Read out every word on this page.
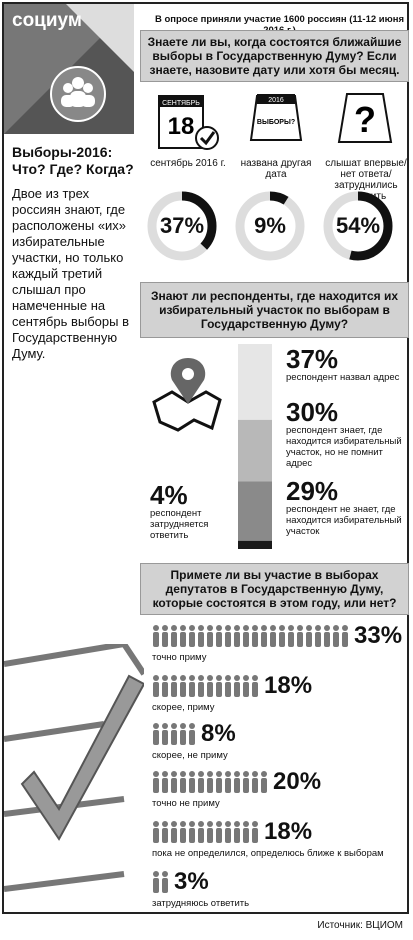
социум
Выборы-2016: Что? Где? Когда?
Двое из трех россиян знают, где расположены «их» избирательные участки, но только каждый третий слышал про намеченные на сентябрь выборы в Государственную Думу.
В опросе приняли участие 1600 россиян (11-12 июня
Знаете ли вы, когда состоятся ближайшие выборы в Государственную Думу? Если знаете, назовите дату или хотя бы месяц.
СЕНТЯБРЬ
18
сентябрь 2016 г.
2016
ВЫБОРЫ?
названа другая дата
?
слышат впервые/нет ответа/затруднились ответить
37%	9%	54%
Знают ли респонденты, где находится их избирательный участок по выборам в Государственную Думу?
37%
респондент назвал адрес
30%
респондент знает, где находится избирательный участок, но не помнит адрес
29%
респондент не знает, где находится избирательный участок
4%
респондент затрудняется ответить
Примете ли вы участие в выборах депутатов в Государственную Думу, которые состоятся в этом году, или нет?
33%
точно приму
18%
скорее, приму
8%
скорее, не приму
20%
точно не приму
18%
пока не определился, определюсь ближе к выборам
3%
затрудняюсь ответить
Источник: ВЦИОМ
